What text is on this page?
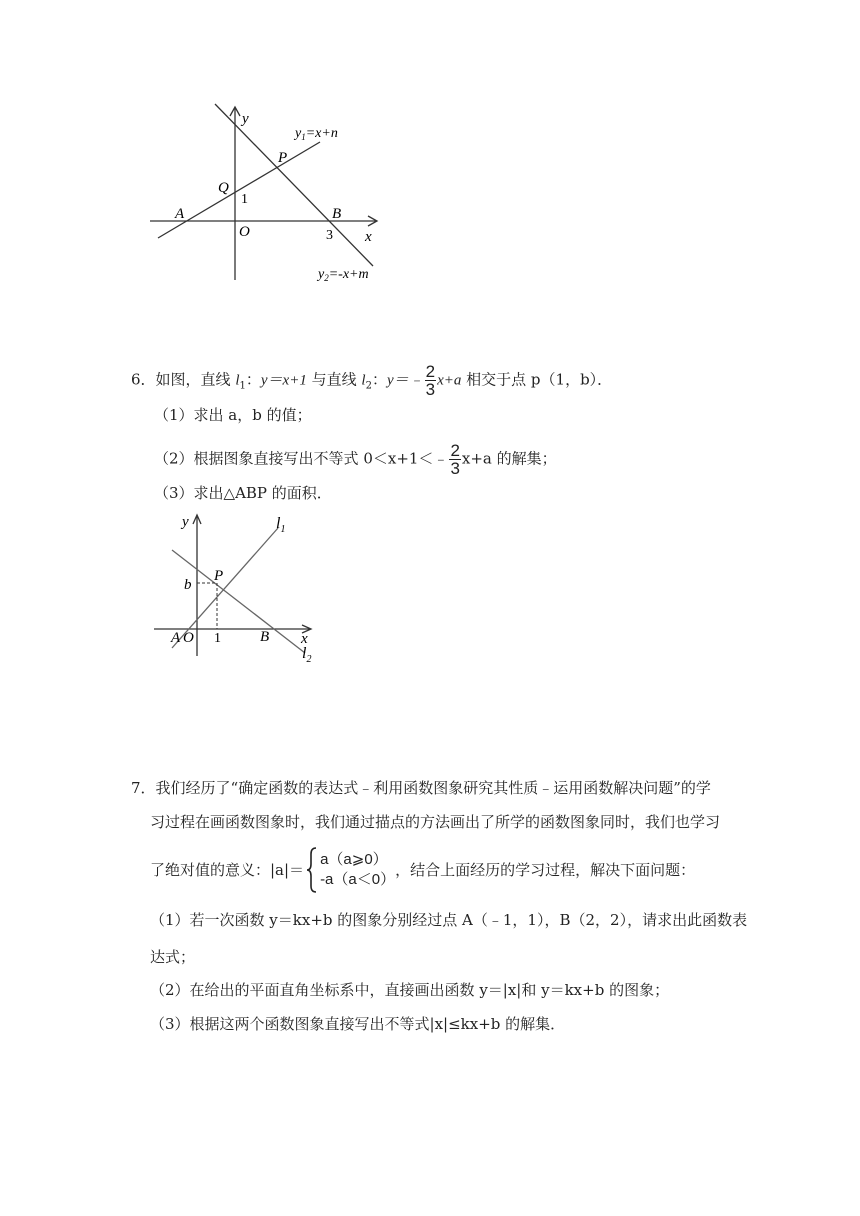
y
x
$y_1=x+n$
$y_2=-x+m$
P
Q
1
A	B
O	3
6．如图，直线 $l_1$：y＝x+1 与直线 $l_2$：y＝﹣ $\frac{2}{3} x+a$ 相交于点 p（1，b）．
（1）求出 a，b 的值；
（2）根据图象直接写出不等式 0＜x+1＜﹣ $\frac{2}{3} x+a$ 的解集；
（3）求出△ABP 的面积．
y
x
$l_1$
$l_2$
P
b
A O 1	B
7．我们经历了“确定函数的表达式﹣利用函数图象研究其性质﹣运用函数解决问题”的学
习过程在画函数图象时，我们通过描点的方法画出了所学的函数图象同时，我们也学习
了绝对值的意义：|a|＝
a（a⩾0）
-a（a＜0）
，结合上面经历的学习过程，解决下面问题：
（1）若一次函数 y＝kx+b 的图象分别经过点 A（﹣1，1），B（2，2），请求出此函数表
达式；
（2）在给出的平面直角坐标系中，直接画出函数 y＝|x|和 y＝kx+b 的图象；
（3）根据这两个函数图象直接写出不等式|x|≤kx+b 的解集．
